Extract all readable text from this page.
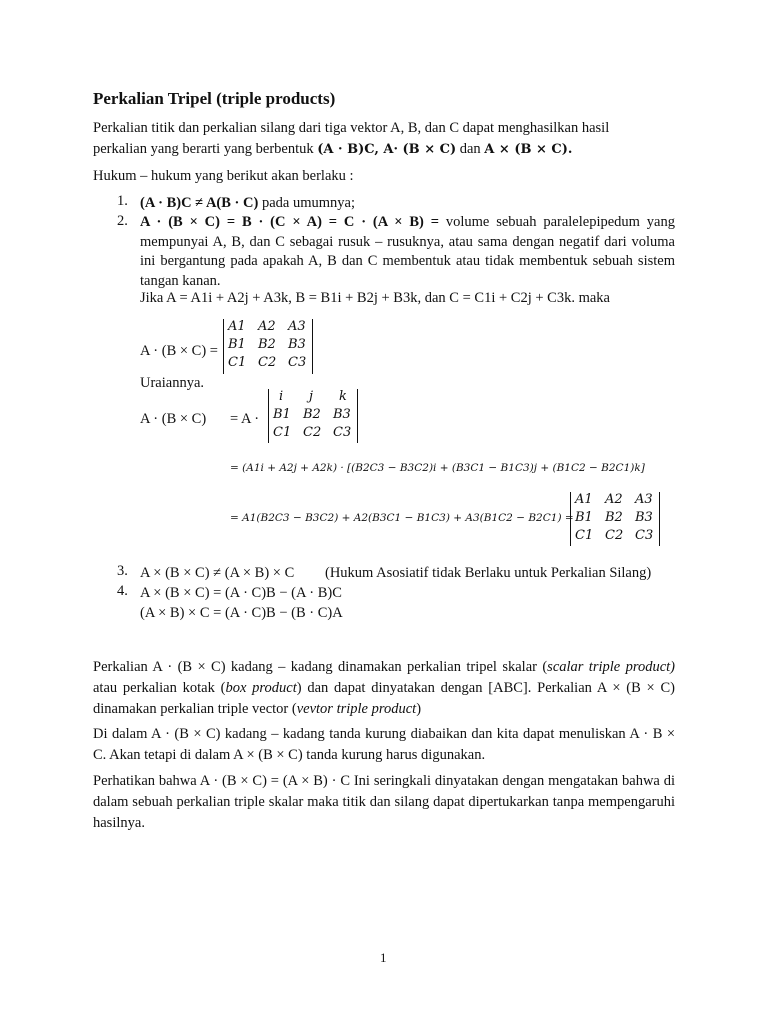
Perkalian Tripel (triple products)
Perkalian titik dan perkalian silang dari tiga vektor A, B, dan C dapat menghasilkan hasil
perkalian yang berarti yang berbentuk (A · B)C, A· (B × C) dan A × (B × C).
Hukum – hukum yang berikut akan berlaku :
1. (A · B)C ≠ A(B · C) pada umumnya;
2. A · (B × C) = B · (C × A) = C · (A × B) = volume sebuah paralelepipedum yang mempunyai A, B, dan C sebagai rusuk – rusuknya, atau sama dengan negatif dari voluma ini bergantung pada apakah A, B dan C membentuk atau tidak membentuk sebuah sistem tangan kanan.
Jika A = A1i + A2j + A3k, B = B1i + B2j + B3k, dan C = C1i + C2j + C3k. maka
A · (B × C) =
A1 A2 A3
B1 B2 B3
C1 C2 C3
Uraiannya.
A · (B × C) = A ·
i j k
B1 B2 B3
C1 C2 C3
= (A1i + A2j + A2k) · [(B2C3 − B3C2)i + (B3C1 − B1C3)j + (B1C2 − B2C1)k]
= A1(B2C3 − B3C2) + A2(B3C1 − B1C3) + A3(B1C2 − B2C1) =
A1 A2 A3
B1 B2 B3
C1 C2 C3
3. A × (B × C) ≠ (A × B) × C (Hukum Asosiatif tidak Berlaku untuk Perkalian Silang)
4. A × (B × C) = (A · C)B − (A · B)C
(A × B) × C = (A · C)B − (B · C)A
Perkalian A · (B × C) kadang – kadang dinamakan perkalian tripel skalar (scalar triple product) atau perkalian kotak (box product) dan dapat dinyatakan dengan [ABC]. Perkalian A × (B × C) dinamakan perkalian triple vector (vevtor triple product)
Di dalam A · (B × C) kadang – kadang tanda kurung diabaikan dan kita dapat menuliskan A · B × C. Akan tetapi di dalam A × (B × C) tanda kurung harus digunakan.
Perhatikan bahwa A · (B × C) = (A × B) · C Ini seringkali dinyatakan dengan mengatakan bahwa di dalam sebuah perkalian triple skalar maka titik dan silang dapat dipertukarkan tanpa mempengaruhi hasilnya.
1
